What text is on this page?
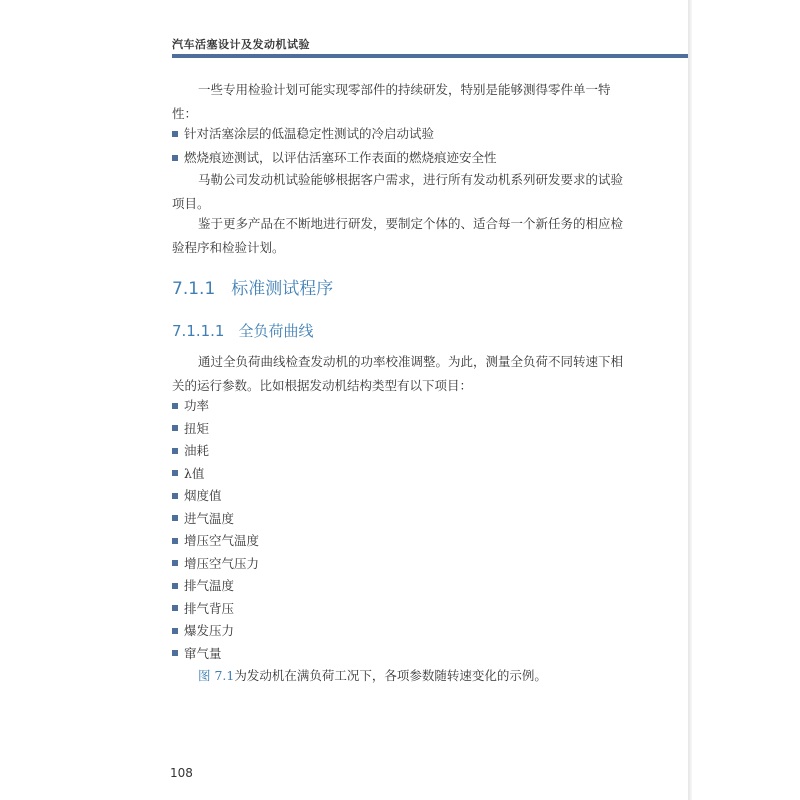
汽车活塞设计及发动机试验

一些专用检验计划可能实现零部件的持续研发，特别是能够测得零件单一特性：

针对活塞涂层的低温稳定性测试的冷启动试验
燃烧痕迹测试，以评估活塞环工作表面的燃烧痕迹安全性

马勒公司发动机试验能够根据客户需求，进行所有发动机系列研发要求的试验项目。

鉴于更多产品在不断地进行研发，要制定个体的、适合每一个新任务的相应检验程序和检验计划。

7.1.1 标准测试程序
7.1.1.1 全负荷曲线

通过全负荷曲线检查发动机的功率校准调整。为此，测量全负荷不同转速下相关的运行参数。比如根据发动机结构类型有以下项目：

功率
扭矩
油耗
λ值
烟度值
进气温度
增压空气温度
增压空气压力
排气温度
排气背压
爆发压力
窜气量

图 7.1为发动机在满负荷工况下，各项参数随转速变化的示例。

108
